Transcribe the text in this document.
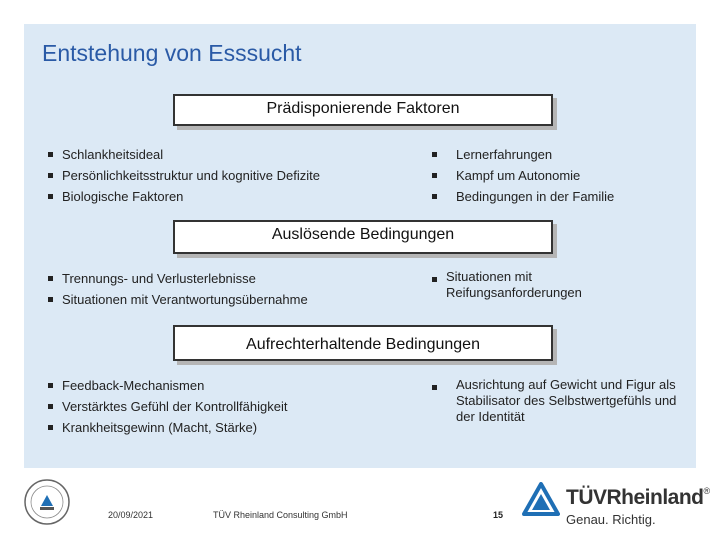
Entstehung von Esssucht
Prädisponierende Faktoren
Schlankheitsideal
Persönlichkeitsstruktur und kognitive Defizite
Biologische Faktoren
Lernerfahrungen
Kampf um Autonomie
Bedingungen in der Familie
Auslösende Bedingungen
Trennungs- und Verlusterlebnisse
Situationen mit Verantwortungsübernahme
Situationen mit Reifungsanforderungen
Aufrechterhaltende Bedingungen
Feedback-Mechanismen
Verstärktes Gefühl der Kontrollfähigkeit
Krankheitsgewinn (Macht, Stärke)
Ausrichtung auf Gewicht und Figur als Stabilisator des Selbstwertgefühls und der Identität
20/09/2021	TÜV Rheinland Consulting GmbH	15
TÜVRheinland®
Genau. Richtig.
